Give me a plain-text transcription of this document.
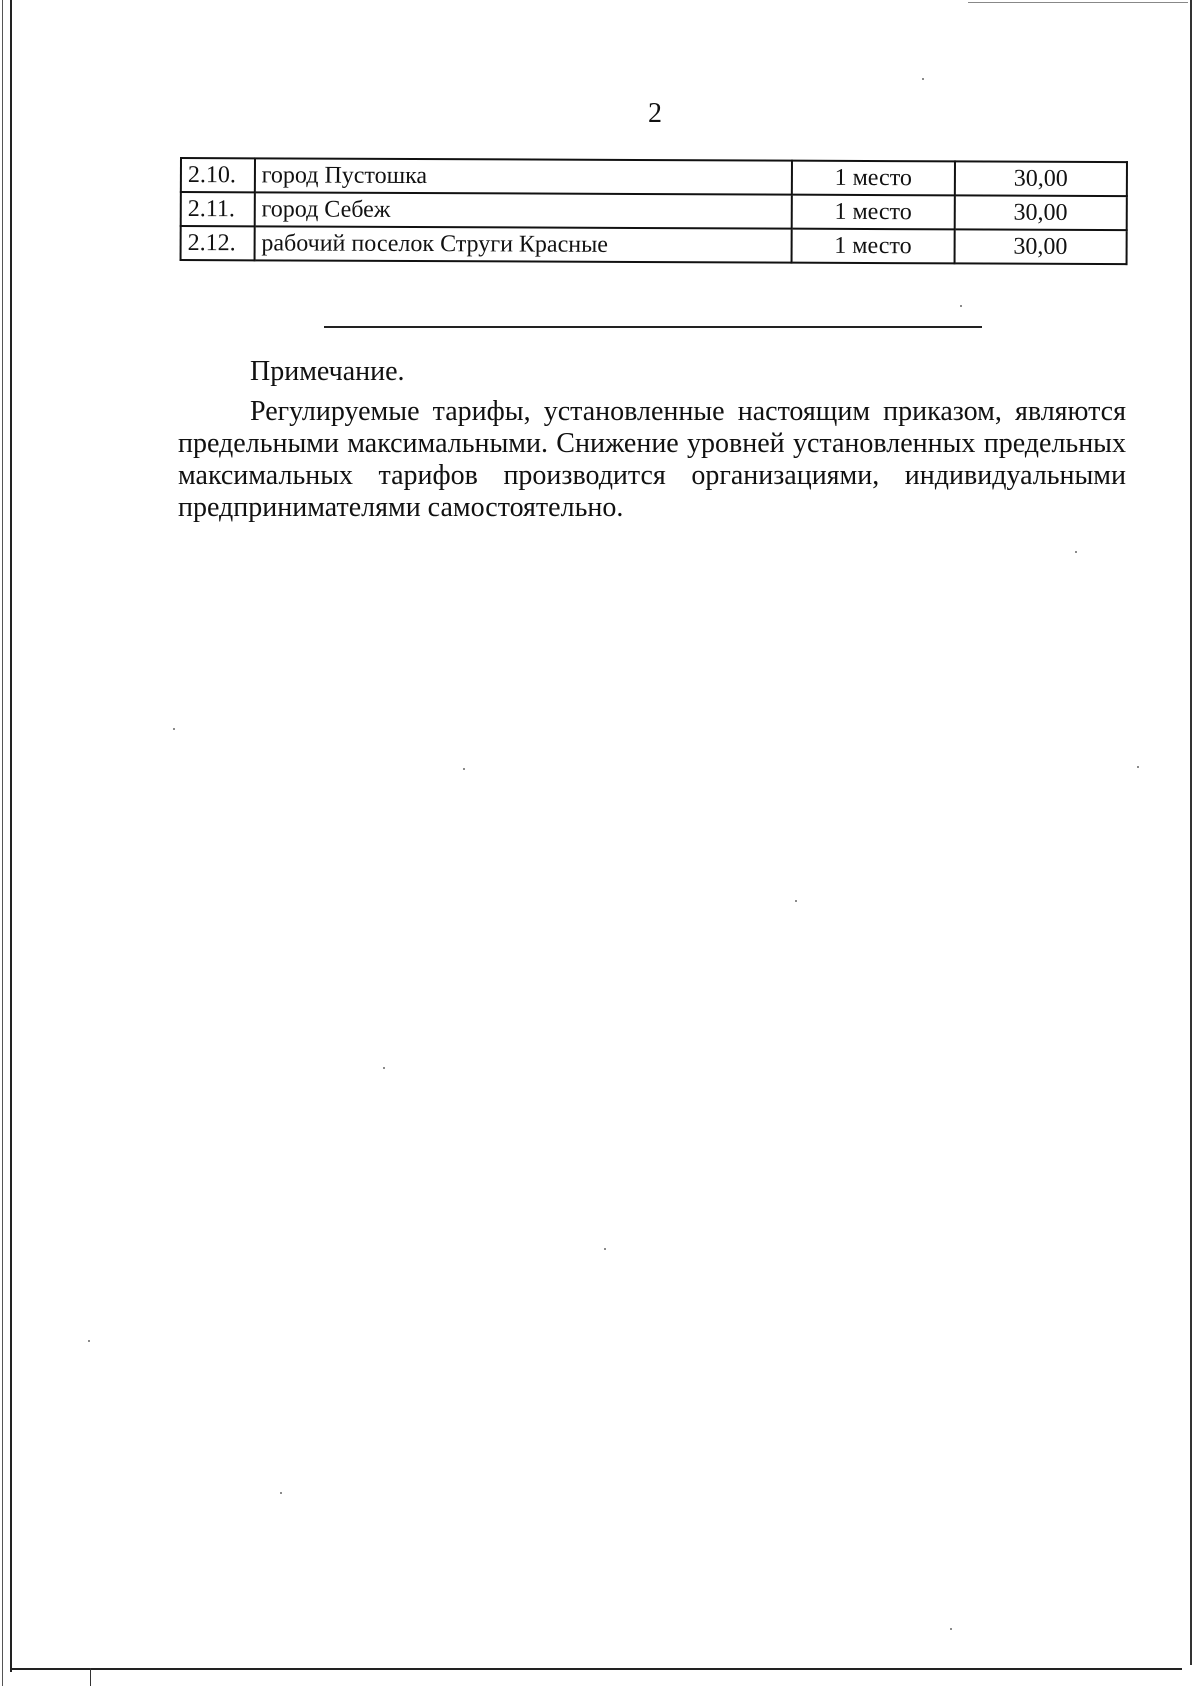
2
2.10.	город Пустошка	1 место	30,00
2.11.	город Себеж	1 место	30,00
2.12.	рабочий поселок Струги Красные	1 место	30,00
Примечание.
Регулируемые тарифы, установленные настоящим приказом, являются предельными максимальными. Снижение уровней установленных предельных максимальных тарифов производится организациями, индивидуальными предпринимателями самостоятельно.
